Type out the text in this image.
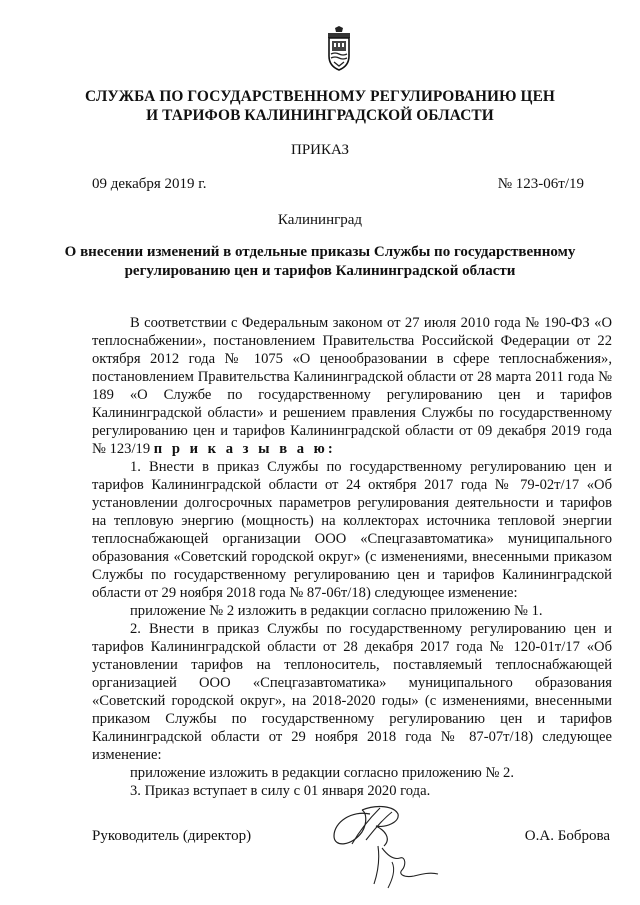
СЛУЖБА ПО ГОСУДАРСТВЕННОМУ РЕГУЛИРОВАНИЮ ЦЕН
И ТАРИФОВ КАЛИНИНГРАДСКОЙ ОБЛАСТИ
ПРИКАЗ
09 декабря 2019 г.	№ 123-06т/19
Калининград
О внесении изменений в отдельные приказы Службы по государственному
регулированию цен и тарифов Калининградской области

В соответствии с Федеральным законом от 27 июля 2010 года № 190-ФЗ «О теплоснабжении», постановлением Правительства Российской Федерации от 22 октября 2012 года № 1075 «О ценообразовании в сфере теплоснабжения», постановлением Правительства Калининградской области от 28 марта 2011 года № 189 «О Службе по государственному регулированию цен и тарифов Калининградской области» и решением правления Службы по государственному регулированию цен и тарифов Калининградской области от 09 декабря 2019 года № 123/19 п р и к а з ы в а ю:

1. Внести в приказ Службы по государственному регулированию цен и тарифов Калининградской области от 24 октября 2017 года № 79-02т/17 «Об установлении долгосрочных параметров регулирования деятельности и тарифов на тепловую энергию (мощность) на коллекторах источника тепловой энергии теплоснабжающей организации ООО «Спецгазавтоматика» муниципального образования «Советский городской округ» (с изменениями, внесенными приказом Службы по государственному регулированию цен и тарифов Калининградской области от 29 ноября 2018 года № 87-06т/18) следующее изменение:

приложение № 2 изложить в редакции согласно приложению № 1.

2. Внести в приказ Службы по государственному регулированию цен и тарифов Калининградской области от 28 декабря 2017 года № 120-01т/17 «Об установлении тарифов на теплоноситель, поставляемый теплоснабжающей организацией ООО «Спецгазавтоматика» муниципального образования «Советский городской округ», на 2018-2020 годы» (с изменениями, внесенными приказом Службы по государственному регулированию цен и тарифов Калининградской области от 29 ноября 2018 года № 87-07т/18) следующее изменение:

приложение изложить в редакции согласно приложению № 2.

3. Приказ вступает в силу с 01 января 2020 года.

Руководитель (директор)	О.А. Боброва
